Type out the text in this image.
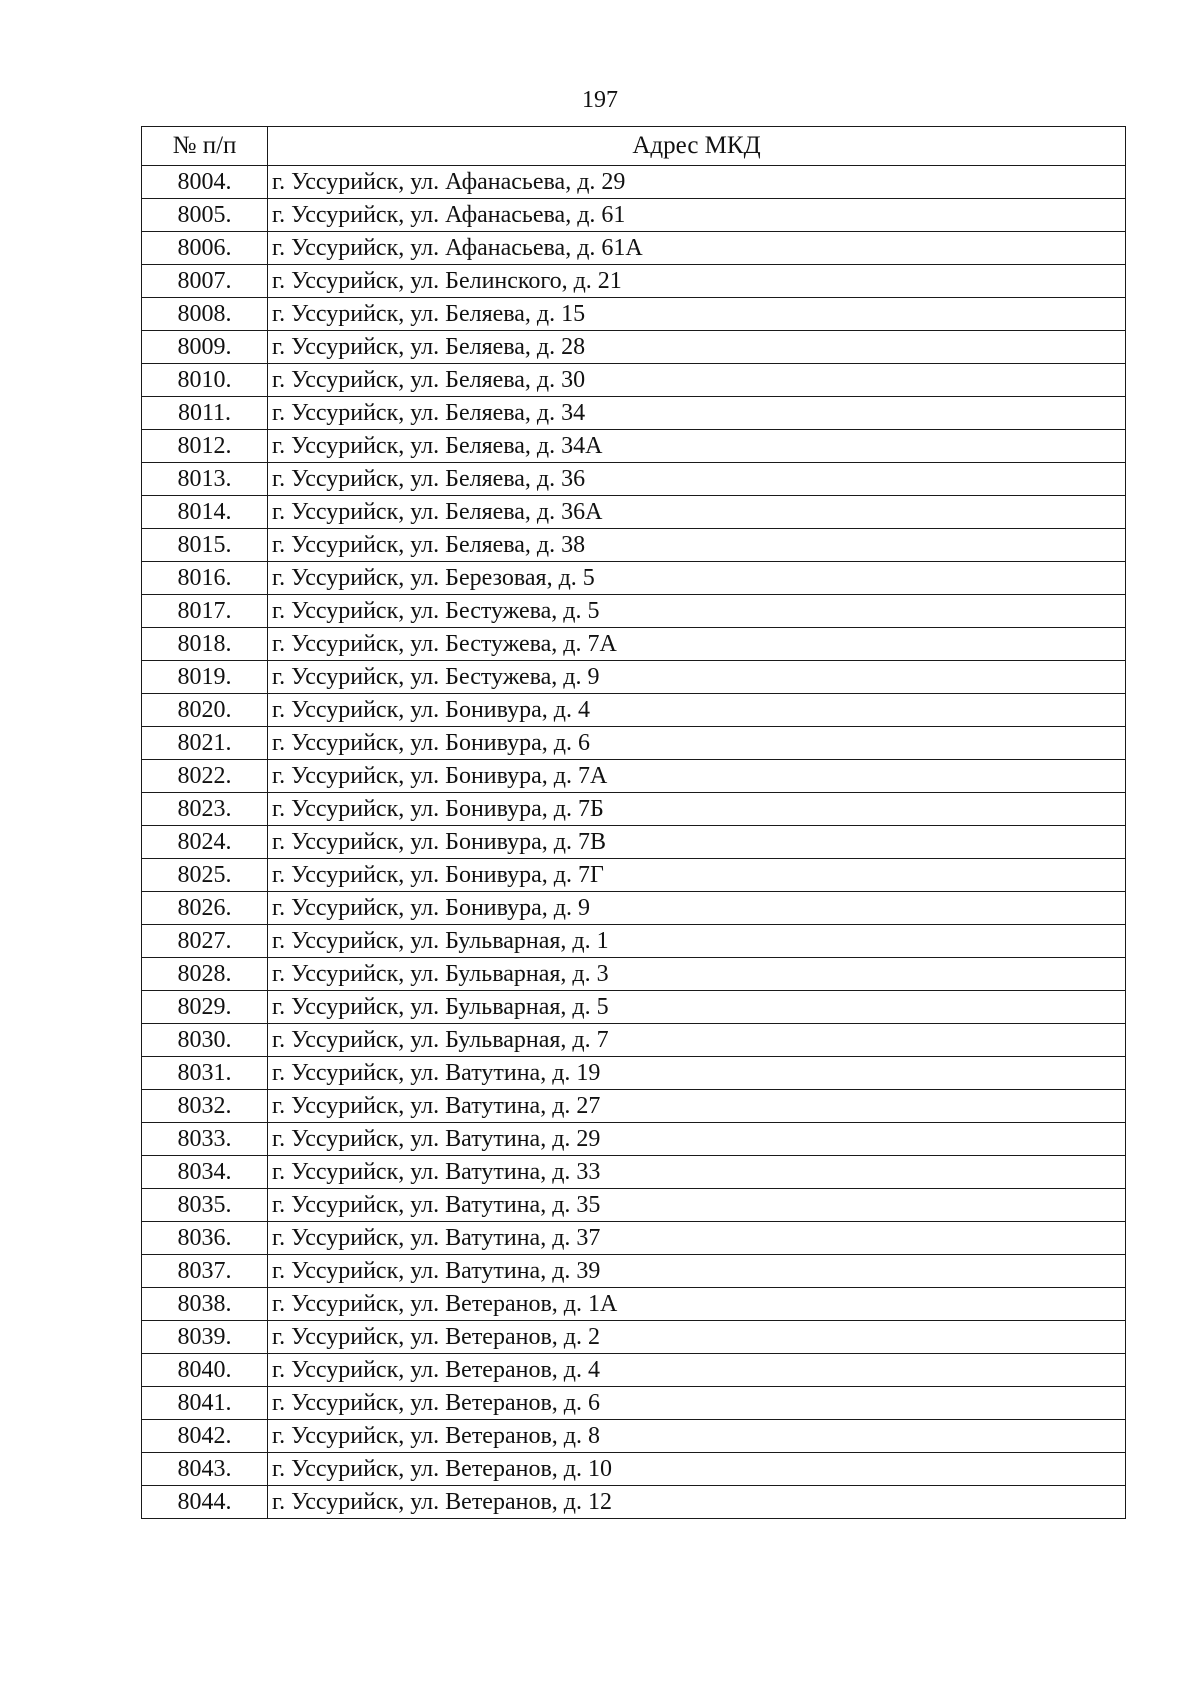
197
№ п/п	Адрес МКД
8004.	г. Уссурийск, ул. Афанасьева, д. 29
8005.	г. Уссурийск, ул. Афанасьева, д. 61
8006.	г. Уссурийск, ул. Афанасьева, д. 61А
8007.	г. Уссурийск, ул. Белинского, д. 21
8008.	г. Уссурийск, ул. Беляева, д. 15
8009.	г. Уссурийск, ул. Беляева, д. 28
8010.	г. Уссурийск, ул. Беляева, д. 30
8011.	г. Уссурийск, ул. Беляева, д. 34
8012.	г. Уссурийск, ул. Беляева, д. 34А
8013.	г. Уссурийск, ул. Беляева, д. 36
8014.	г. Уссурийск, ул. Беляева, д. 36А
8015.	г. Уссурийск, ул. Беляева, д. 38
8016.	г. Уссурийск, ул. Березовая, д. 5
8017.	г. Уссурийск, ул. Бестужева, д. 5
8018.	г. Уссурийск, ул. Бестужева, д. 7А
8019.	г. Уссурийск, ул. Бестужева, д. 9
8020.	г. Уссурийск, ул. Бонивура, д. 4
8021.	г. Уссурийск, ул. Бонивура, д. 6
8022.	г. Уссурийск, ул. Бонивура, д. 7А
8023.	г. Уссурийск, ул. Бонивура, д. 7Б
8024.	г. Уссурийск, ул. Бонивура, д. 7В
8025.	г. Уссурийск, ул. Бонивура, д. 7Г
8026.	г. Уссурийск, ул. Бонивура, д. 9
8027.	г. Уссурийск, ул. Бульварная, д. 1
8028.	г. Уссурийск, ул. Бульварная, д. 3
8029.	г. Уссурийск, ул. Бульварная, д. 5
8030.	г. Уссурийск, ул. Бульварная, д. 7
8031.	г. Уссурийск, ул. Ватутина, д. 19
8032.	г. Уссурийск, ул. Ватутина, д. 27
8033.	г. Уссурийск, ул. Ватутина, д. 29
8034.	г. Уссурийск, ул. Ватутина, д. 33
8035.	г. Уссурийск, ул. Ватутина, д. 35
8036.	г. Уссурийск, ул. Ватутина, д. 37
8037.	г. Уссурийск, ул. Ватутина, д. 39
8038.	г. Уссурийск, ул. Ветеранов, д. 1А
8039.	г. Уссурийск, ул. Ветеранов, д. 2
8040.	г. Уссурийск, ул. Ветеранов, д. 4
8041.	г. Уссурийск, ул. Ветеранов, д. 6
8042.	г. Уссурийск, ул. Ветеранов, д. 8
8043.	г. Уссурийск, ул. Ветеранов, д. 10
8044.	г. Уссурийск, ул. Ветеранов, д. 12
